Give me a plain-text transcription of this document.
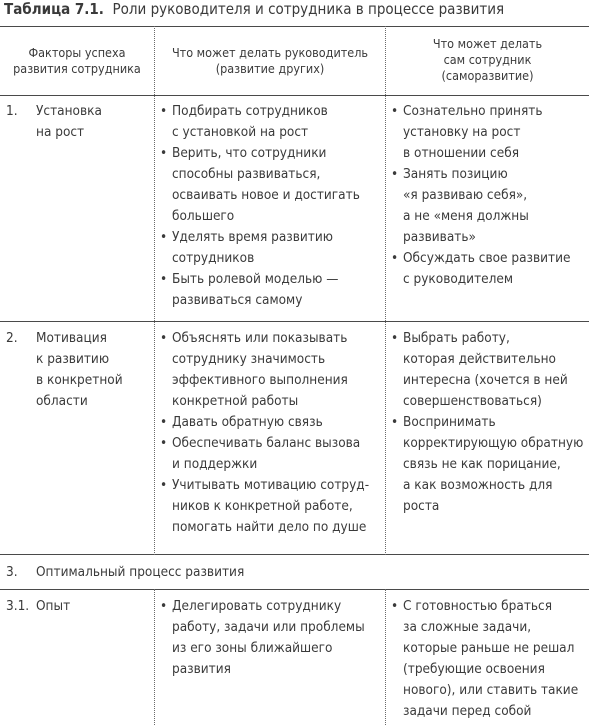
Таблица 7.1. Роли руководителя и сотрудника в процессе развития
Факторы успеха
развития сотрудника
Что может делать руководитель
(развитие других)
Что может делать
сам сотрудник
(саморазвитие)
1. Установка
на рост
• Подбирать сотрудников
с установкой на рост
• Верить, что сотрудники
способны развиваться,
осваивать новое и достигать
большего
• Уделять время развитию
сотрудников
• Быть ролевой моделью —
развиваться самому
• Сознательно принять
установку на рост
в отношении себя
• Занять позицию
«я развиваю себя»,
а не «меня должны
развивать»
• Обсуждать свое развитие
с руководителем
2. Мотивация
к развитию
в конкретной
области
• Объяснять или показывать
сотруднику значимость
эффективного выполнения
конкретной работы
• Давать обратную связь
• Обеспечивать баланс вызова
и поддержки
• Учитывать мотивацию сотруд-
ников к конкретной работе,
помогать найти дело по душе
• Выбрать работу,
которая действительно
интересна (хочется в ней
совершенствоваться)
• Воспринимать
корректирующую обратную
связь не как порицание,
а как возможность для
роста
3. Оптимальный процесс развития
3.1. Опыт
•	Делегировать сотруднику
работу, задачи или проблемы
из его зоны ближайшего
развития
• С готовностью браться
за сложные задачи,
которые раньше не решал
(требующие освоения
нового), или ставить такие
задачи перед собой
